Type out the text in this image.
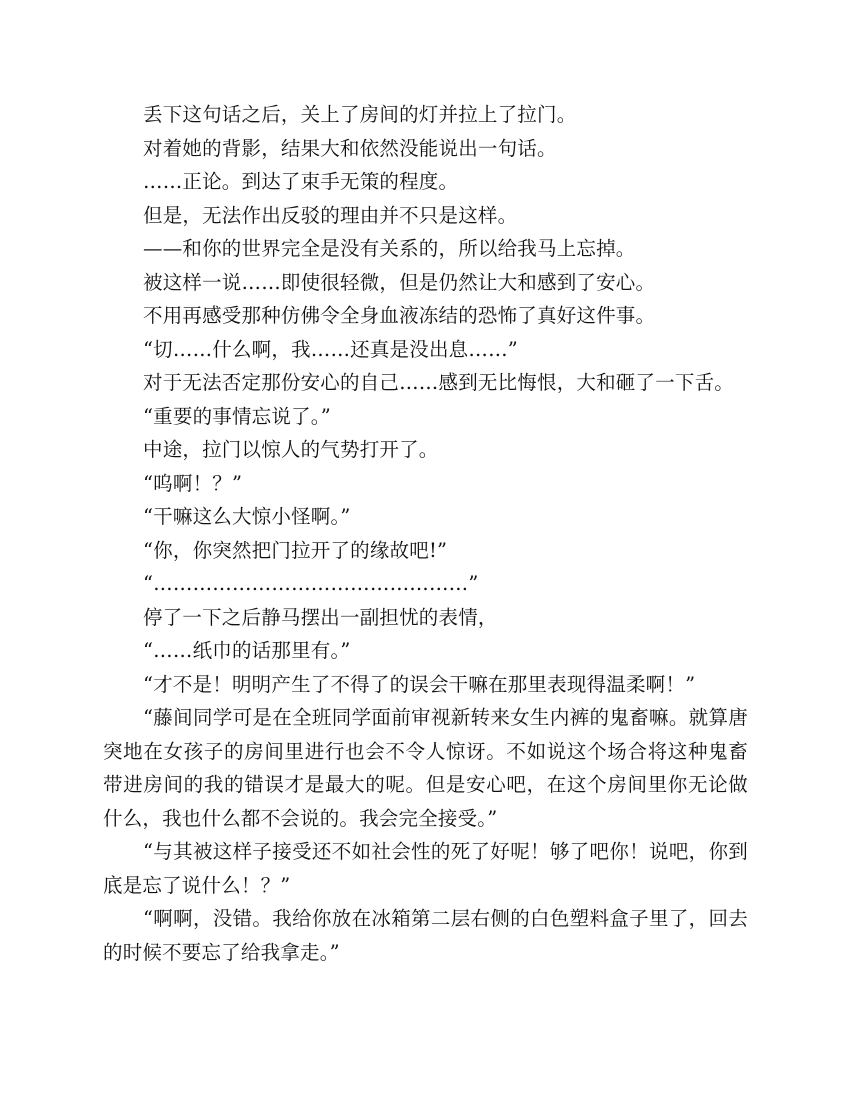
丢下这句话之后，关上了房间的灯并拉上了拉门。

对着她的背影，结果大和依然没能说出一句话。

……正论。到达了束手无策的程度。

但是，无法作出反驳的理由并不只是这样。

——和你的世界完全是没有关系的，所以给我马上忘掉。

被这样一说……即使很轻微，但是仍然让大和感到了安心。

不用再感受那种仿佛令全身血液冻结的恐怖了真好这件事。

“切……什么啊，我……还真是没出息……”

对于无法否定那份安心的自己……感到无比悔恨，大和砸了一下舌。

“重要的事情忘说了。”

中途，拉门以惊人的气势打开了。

“呜啊！？”

“干嘛这么大惊小怪啊。”

“你，你突然把门拉开了的缘故吧!”

“…………………………………………”

停了一下之后静马摆出一副担忧的表情，

“……纸巾的话那里有。”

“才不是！明明产生了不得了的误会干嘛在那里表现得温柔啊！”

“藤间同学可是在全班同学面前审视新转来女生内裤的鬼畜嘛。就算唐突地在女孩子的房间里进行也会不令人惊讶。不如说这个场合将这种鬼畜带进房间的我的错误才是最大的呢。但是安心吧，在这个房间里你无论做什么，我也什么都不会说的。我会完全接受。”

“与其被这样子接受还不如社会性的死了好呢！够了吧你！说吧，你到底是忘了说什么！？”

“啊啊，没错。我给你放在冰箱第二层右侧的白色塑料盒子里了，回去的时候不要忘了给我拿走。”
